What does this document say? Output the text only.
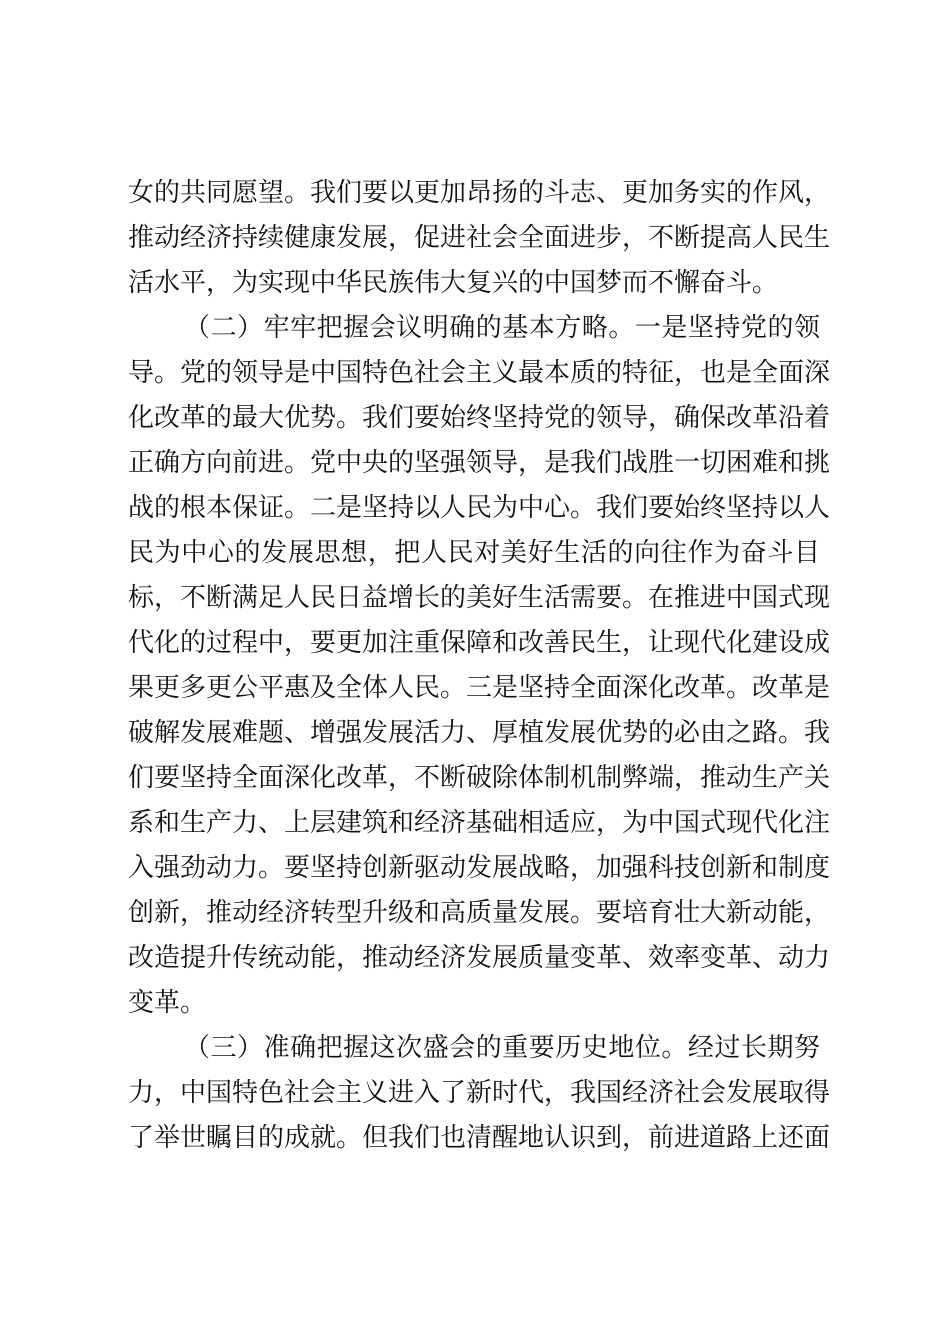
女的共同愿望。我们要以更加昂扬的斗志、更加务实的作风，
推动经济持续健康发展，促进社会全面进步，不断提高人民生
活水平，为实现中华民族伟大复兴的中国梦而不懈奋斗。
（二）牢牢把握会议明确的基本方略。一是坚持党的领
导。党的领导是中国特色社会主义最本质的特征，也是全面深
化改革的最大优势。我们要始终坚持党的领导，确保改革沿着
正确方向前进。党中央的坚强领导，是我们战胜一切困难和挑
战的根本保证。二是坚持以人民为中心。我们要始终坚持以人
民为中心的发展思想，把人民对美好生活的向往作为奋斗目
标，不断满足人民日益增长的美好生活需要。在推进中国式现
代化的过程中，要更加注重保障和改善民生，让现代化建设成
果更多更公平惠及全体人民。三是坚持全面深化改革。改革是
破解发展难题、增强发展活力、厚植发展优势的必由之路。我
们要坚持全面深化改革，不断破除体制机制弊端，推动生产关
系和生产力、上层建筑和经济基础相适应，为中国式现代化注
入强劲动力。要坚持创新驱动发展战略，加强科技创新和制度
创新，推动经济转型升级和高质量发展。要培育壮大新动能，
改造提升传统动能，推动经济发展质量变革、效率变革、动力
变革。
（三）准确把握这次盛会的重要历史地位。经过长期努
力，中国特色社会主义进入了新时代，我国经济社会发展取得
了举世瞩目的成就。但我们也清醒地认识到，前进道路上还面
